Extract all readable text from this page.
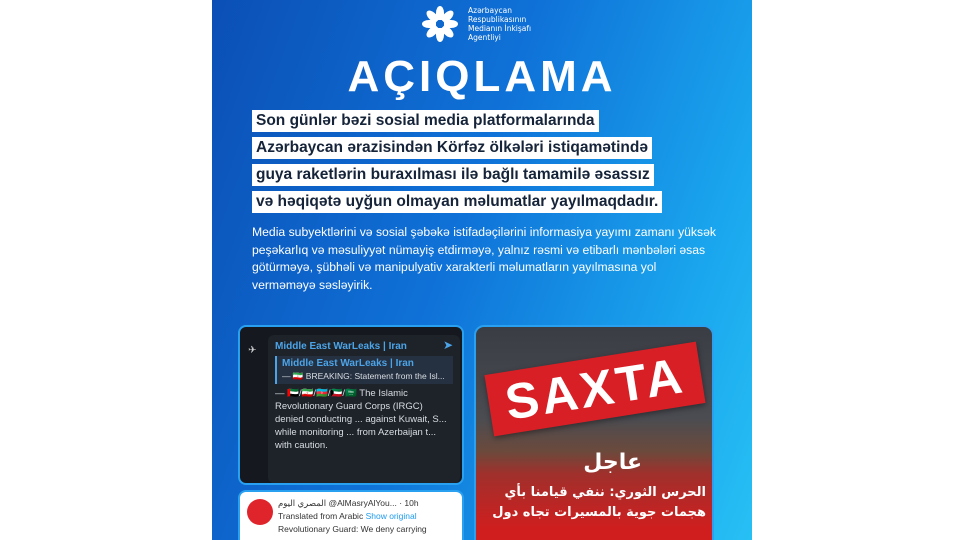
Azərbaycan
Respublikasının
Medianın İnkişafı
Agentliyi
AÇIQLAMA
Son günlər bəzi sosial media platformalarında
Azərbaycan ərazisindən Körfəz ölkələri istiqamətində
guya raketlərin buraxılması ilə bağlı tamamilə əsassız
və həqiqətə uyğun olmayan məlumatlar yayılmaqdadır.
Media subyektlərini və sosial şəbəkə istifadəçilərini informasiya yayımı zamanı yüksək peşəkarlıq və məsuliyyət nümayiş etdirməyə, yalnız rəsmi və etibarlı mənbələri əsas götürməyə, şübhəli və manipulyativ xarakterli məlumatların yayılmasına yol verməməyə səsləyirik.
✈	➤
Middle East WarLeaks | Iran
Middle East WarLeaks | Iran
— 🇮🇷 BREAKING: Statement from the Isl...
— 🇦🇪/🇮🇷/🇦🇿/🇰🇼/🇸🇦 The Islamic Revolutionary Guard Corps (IRGC) denied conducting ... against Kuwait, S... while monitoring ... from Azerbaijan t... with caution.
المصري اليوم @AlMasryAlYou... · 10h
Translated from Arabic Show original
Revolutionary Guard: We deny carrying
عاجل
الحرس الثوري: ننفي قيامنا بأي هجمات جوية بالمسيرات تجاه دول
SAXTA
